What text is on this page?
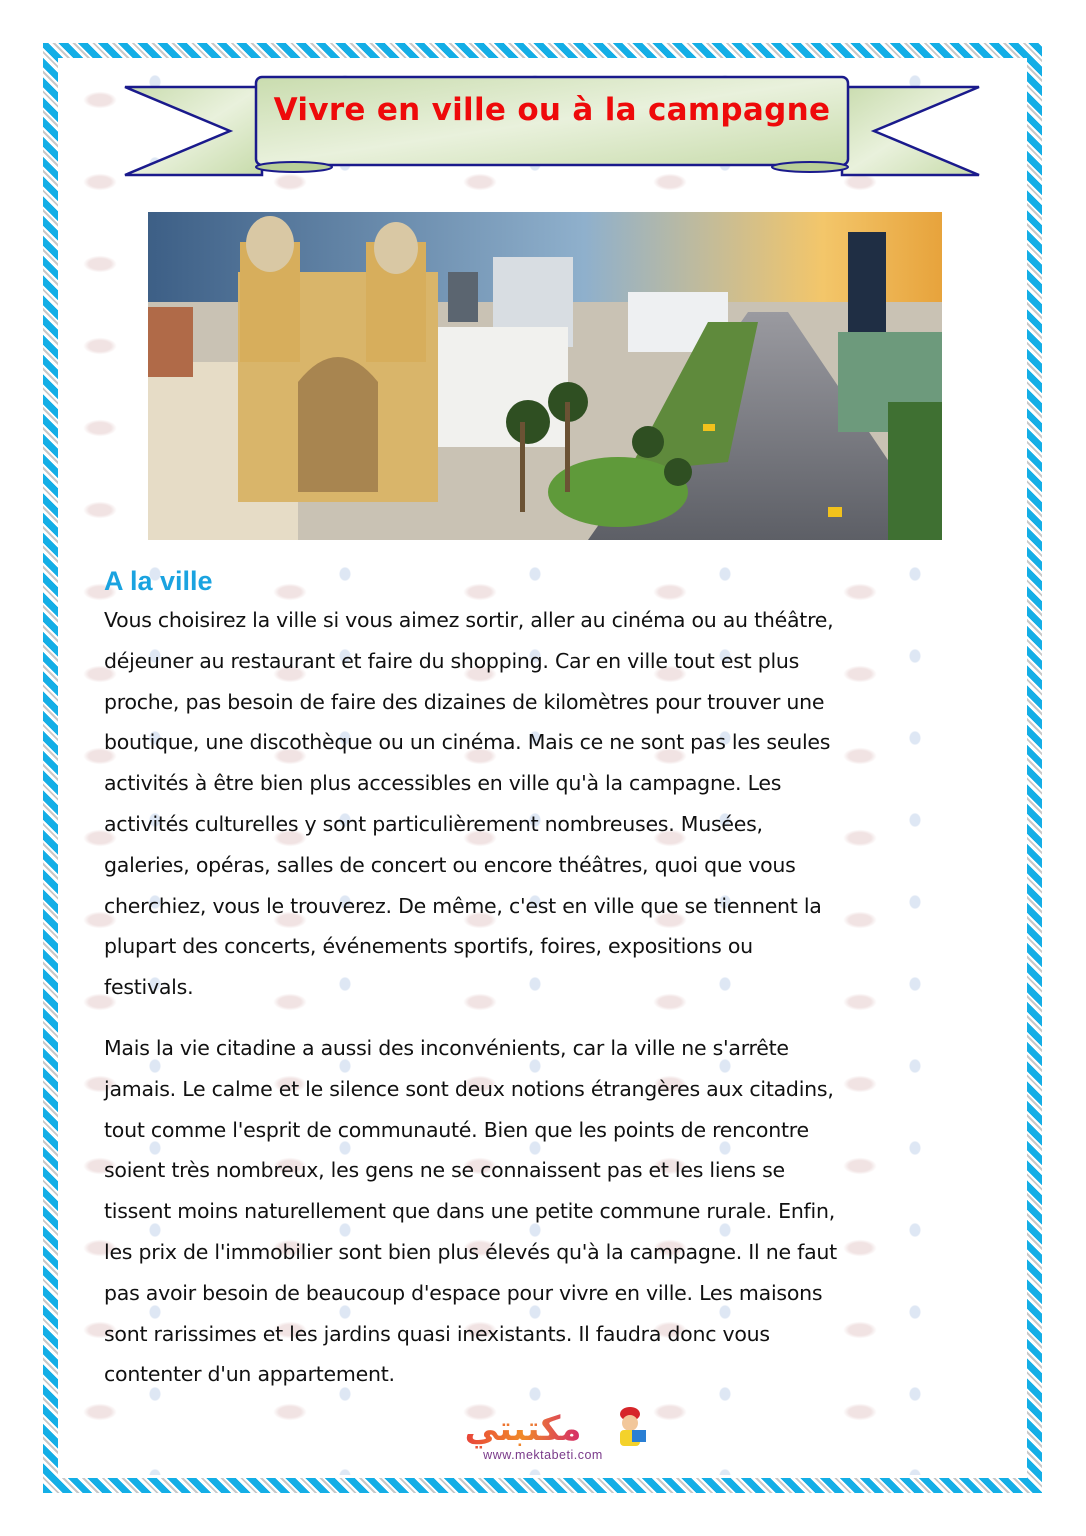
Vivre en ville ou à la campagne
A la ville

Vous choisirez la ville si vous aimez sortir, aller au cinéma ou au théâtre,
déjeuner au restaurant et faire du shopping. Car en ville tout est plus
proche, pas besoin de faire des dizaines de kilomètres pour trouver une
boutique, une discothèque ou un cinéma. Mais ce ne sont pas les seules
activités à être bien plus accessibles en ville qu'à la campagne. Les
activités culturelles y sont particulièrement nombreuses. Musées,
galeries, opéras, salles de concert ou encore théâtres, quoi que vous
cherchiez, vous le trouverez. De même, c'est en ville que se tiennent la
plupart des concerts, événements sportifs, foires, expositions ou
festivals.

Mais la vie citadine a aussi des inconvénients, car la ville ne s'arrête
jamais. Le calme et le silence sont deux notions étrangères aux citadins,
tout comme l'esprit de communauté. Bien que les points de rencontre
soient très nombreux, les gens ne se connaissent pas et les liens se
tissent moins naturellement que dans une petite commune rurale. Enfin,
les prix de l'immobilier sont bien plus élevés qu'à la campagne. Il ne faut
pas avoir besoin de beaucoup d'espace pour vivre en ville. Les maisons
sont rarissimes et les jardins quasi inexistants. Il faudra donc vous
contenter d'un appartement.

مكتبتي
www.mektabeti.com
